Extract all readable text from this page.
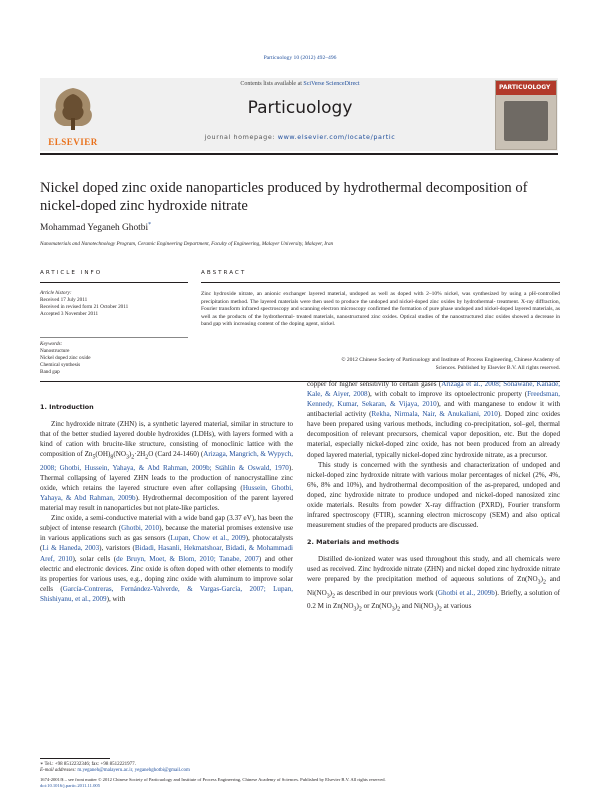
Particuology 10 (2012) 492–496
ELSEVIER
Contents lists available at SciVerse ScienceDirect
Particuology
journal homepage: www.elsevier.com/locate/partic
PARTICUOLOGY
Nickel doped zinc oxide nanoparticles produced by hydrothermal decomposition of nickel-doped zinc hydroxide nitrate
Mohammad Yeganeh Ghotbi*
Nanomaterials and Nanotechnology Program, Ceramic Engineering Department, Faculty of Engineering, Malayer University, Malayer, Iran
ARTICLE INFO	ABSTRACT
Article history:
Received 17 July 2011
Received in revised form 21 October 2011
Accepted 3 November 2011
Keywords:
Nanostructure
Nickel doped zinc oxide
Chemical synthesis
Band gap
Zinc hydroxide nitrate, an anionic exchanger layered material, undoped as well as doped with 2–10% nickel, was synthesized by using a pH-controlled precipitation method. The layered materials were then used to produce the undoped and nickel-doped zinc oxides by hydrothermal- treatment. X-ray diffraction, Fourier transform infrared spectroscopy and scanning electron microscopy confirmed the formation of pure phase undoped and nickel-doped layered materials, as well as the products of the hydrothermal- treated materials, nanostructured zinc oxides. Optical studies of the nanostructured zinc oxides showed a decrease in band gap with increasing content of the doping agent, nickel.
© 2012 Chinese Society of Particuology and Institute of Process Engineering, Chinese Academy of
Sciences. Published by Elsevier B.V. All rights reserved.

1. Introduction

Zinc hydroxide nitrate (ZHN) is, a synthetic layered material, similar in structure to that of the better studied layered double hydroxides (LDHs), with layers formed with a kind of cation with brucite-like structure, consisting of monoclinic lattice with the composition of $Zn_5(OH)_8(NO_3)_2\cdot 2H_2O$ (Card 24-1460) (Arizaga, Mangrich, & Wypych, 2008; Ghotbi, Hussein, Yahaya, & Abd Rahman, 2009b; Stählin & Oswald, 1970). Thermal collapsing of layered ZHN leads to the production of nanocrystalline zinc oxide, which retains the layered structure even after collapsing (Hussein, Ghotbi, Yahaya, & Abd Rahman, 2009b). Hydrothermal decomposition of the parent layered material may result in nanoparticles but not plate-like particles.

Zinc oxide, a semi-conductive material with a wide band gap (3.37 eV), has been the subject of intense research (Ghotbi, 2010), because the material promises extensive use in various applications such as gas sensors (Lupan, Chow et al., 2009), photocatalysts (Li & Haneda, 2003), varistors (Bidadi, Hasanli, Hekmatshoar, Bidadi, & Mohammadi Aref, 2010), solar cells (de Bruyn, Moet, & Blom, 2010; Tanabe, 2007) and other electric and electronic devices. Zinc oxide is often doped with other elements to modify its properties for various uses, e.g., doping zinc oxide with aluminum to improve solar cells (García-Contreras, Fernández-Valverde, & Vargas-García, 2007; Lupan, Shishiyanu, et al., 2009), with

copper for higher sensitivity to certain gases (Arizaga et al., 2008; Sonawane, Kanade, Kale, & Aiyer, 2008), with cobalt to improve its optoelectronic property (Freedsman, Kennedy, Kumar, Sekaran, & Vijaya, 2010), and with manganese to endow it with antibacterial activity (Rekha, Nirmala, Nair, & Anukaliani, 2010). Doped zinc oxides have been prepared using various methods, including co-precipitation, sol–gel, thermal decomposition of relevant precursors, chemical vapor deposition, etc. But the doped material, especially nickel-doped zinc oxide, has not been produced from an already doped layered material, typically nickel-doped zinc hydroxide nitrate, as a precursor.

This study is concerned with the synthesis and characterization of undoped and nickel-doped zinc hydroxide nitrate with various molar percentages of nickel (2%, 4%, 6%, 8% and 10%), and hydrothermal decomposition of the as-prepared, undoped and doped, zinc hydroxide nitrate to produce undoped and nickel-doped nanosized zinc oxide materials. Results from powder X-ray diffraction (PXRD), Fourier transform infrared spectroscopy (FTIR), scanning electron microscopy (SEM) and also optical measurement studies of the prepared products are discussed.

2. Materials and methods

Distilled de-ionized water was used throughout this study, and all chemicals were used as received. Zinc hydroxide nitrate (ZHN) and nickel doped zinc hydroxide nitrate were prepared by the precipitation method of aqueous solutions of $Zn(NO_3)_2$ and $Ni(NO_3)_2$ as described in our previous work (Ghotbi et al., 2009b). Briefly, a solution of 0.2 M in $Zn(NO_3)_2$ or $Zn(NO_3)_2$ and $Ni(NO_3)_2$ at various

∗ Tel.: +98 8512232346; fax: +98 8512221977.
E-mail addresses: m.yeganeh@malayeru.ac.ir, yeganehghotbi@gmail.com
1674-2001/$ – see front matter © 2012 Chinese Society of Particuology and Institute of Process Engineering, Chinese Academy of Sciences. Published by Elsevier B.V. All rights reserved.
doi:10.1016/j.partic.2011.11.005
